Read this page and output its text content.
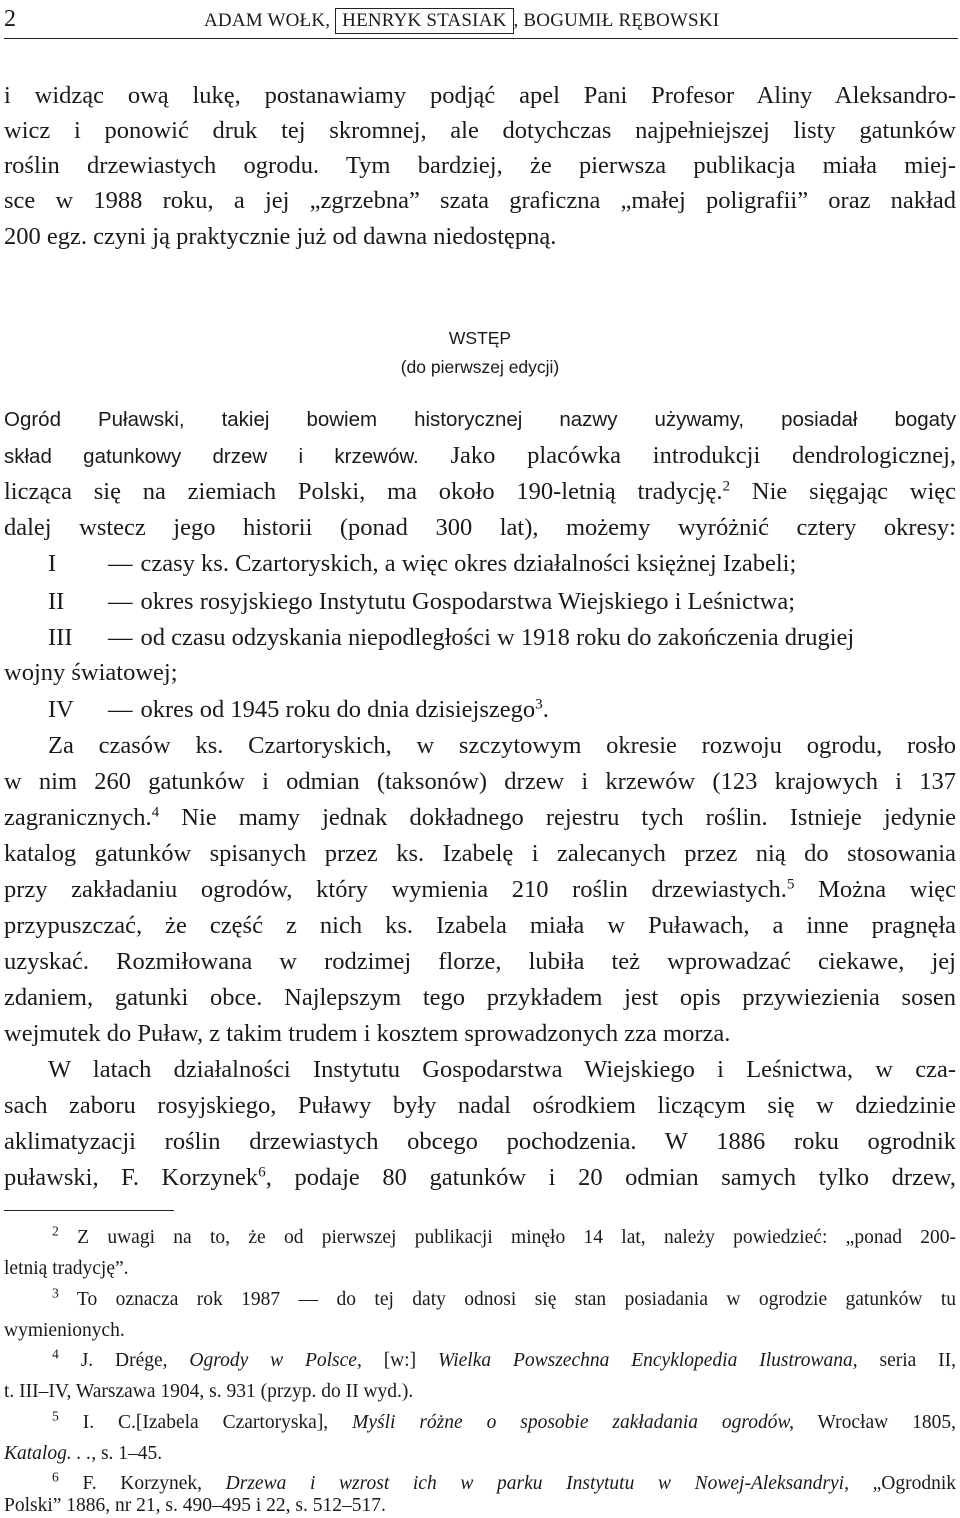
2	ADAM WOŁK, HENRYK STASIAK , BOGUMIŁ RĘBOWSKI
i widząc ową lukę, postanawiamy podjąć apel Pani Profesor Aliny Aleksandro-
wicz i ponowić druk tej skromnej, ale dotychczas najpełniejszej listy gatunków
roślin drzewiastych ogrodu. Tym bardziej, że pierwsza publikacja miała miej-
sce w 1988 roku, a jej „zgrzebna” szata graficzna „małej poligrafii” oraz nakład
200 egz. czyni ją praktycznie już od dawna niedostępną.
WSTĘP
(do pierwszej edycji)
Ogród Puławski, takiej bowiem historycznej nazwy używamy, posiadał bogaty
skład gatunkowy drzew i krzewów. Jako placówka introdukcji dendrologicznej,
licząca się na ziemiach Polski, ma około 190-letnią tradycję.$^2$ Nie sięgając więc
dalej wstecz jego historii (ponad 300 lat), możemy wyróżnić cztery okresy:
I — czasy ks. Czartoryskich, a więc okres działalności księżnej Izabeli;
II — okres rosyjskiego Instytutu Gospodarstwa Wiejskiego i Leśnictwa;
III — od czasu odzyskania niepodległości w 1918 roku do zakończenia drugiej
wojny światowej;
IV — okres od 1945 roku do dnia dzisiejszego$^3$.
Za czasów ks. Czartoryskich, w szczytowym okresie rozwoju ogrodu, rosło
w nim 260 gatunków i odmian (taksonów) drzew i krzewów (123 krajowych i 137
zagranicznych.$^4$ Nie mamy jednak dokładnego rejestru tych roślin. Istnieje jedynie
katalog gatunków spisanych przez ks. Izabelę i zalecanych przez nią do stosowania
przy zakładaniu ogrodów, który wymienia 210 roślin drzewiastych.$^5$ Można więc
przypuszczać, że część z nich ks. Izabela miała w Puławach, a inne pragnęła
uzyskać. Rozmiłowana w rodzimej florze, lubiła też wprowadzać ciekawe, jej
zdaniem, gatunki obce. Najlepszym tego przykładem jest opis przywiezienia sosen
wejmutek do Puław, z takim trudem i kosztem sprowadzonych zza morza.
W latach działalności Instytutu Gospodarstwa Wiejskiego i Leśnictwa, w cza-
sach zaboru rosyjskiego, Puławy były nadal ośrodkiem liczącym się w dziedzinie
aklimatyzacji roślin drzewiastych obcego pochodzenia. W 1886 roku ogrodnik
puławski, F. Korzynek$^6$, podaje 80 gatunków i 20 odmian samych tylko drzew,
$^2$ Z uwagi na to, że od pierwszej publikacji minęło 14 lat, należy powiedzieć: „ponad 200-
letnią tradycję”.
$^3$ To oznacza rok 1987 — do tej daty odnosi się stan posiadania w ogrodzie gatunków tu
wymienionych.
$^4$ J. Drége, Ogrody w Polsce, [w:] Wielka Powszechna Encyklopedia Ilustrowana, seria II,
t. III–IV, Warszawa 1904, s. 931 (przyp. do II wyd.).
$^5$ I. C.[Izabela Czartoryska], Myśli różne o sposobie zakładania ogrodów, Wrocław 1805,
Katalog. . ., s. 1–45.
$^6$ F. Korzynek, Drzewa i wzrost ich w parku Instytutu w Nowej-Aleksandryi, „Ogrodnik
Polski” 1886, nr 21, s. 490–495 i 22, s. 512–517.
